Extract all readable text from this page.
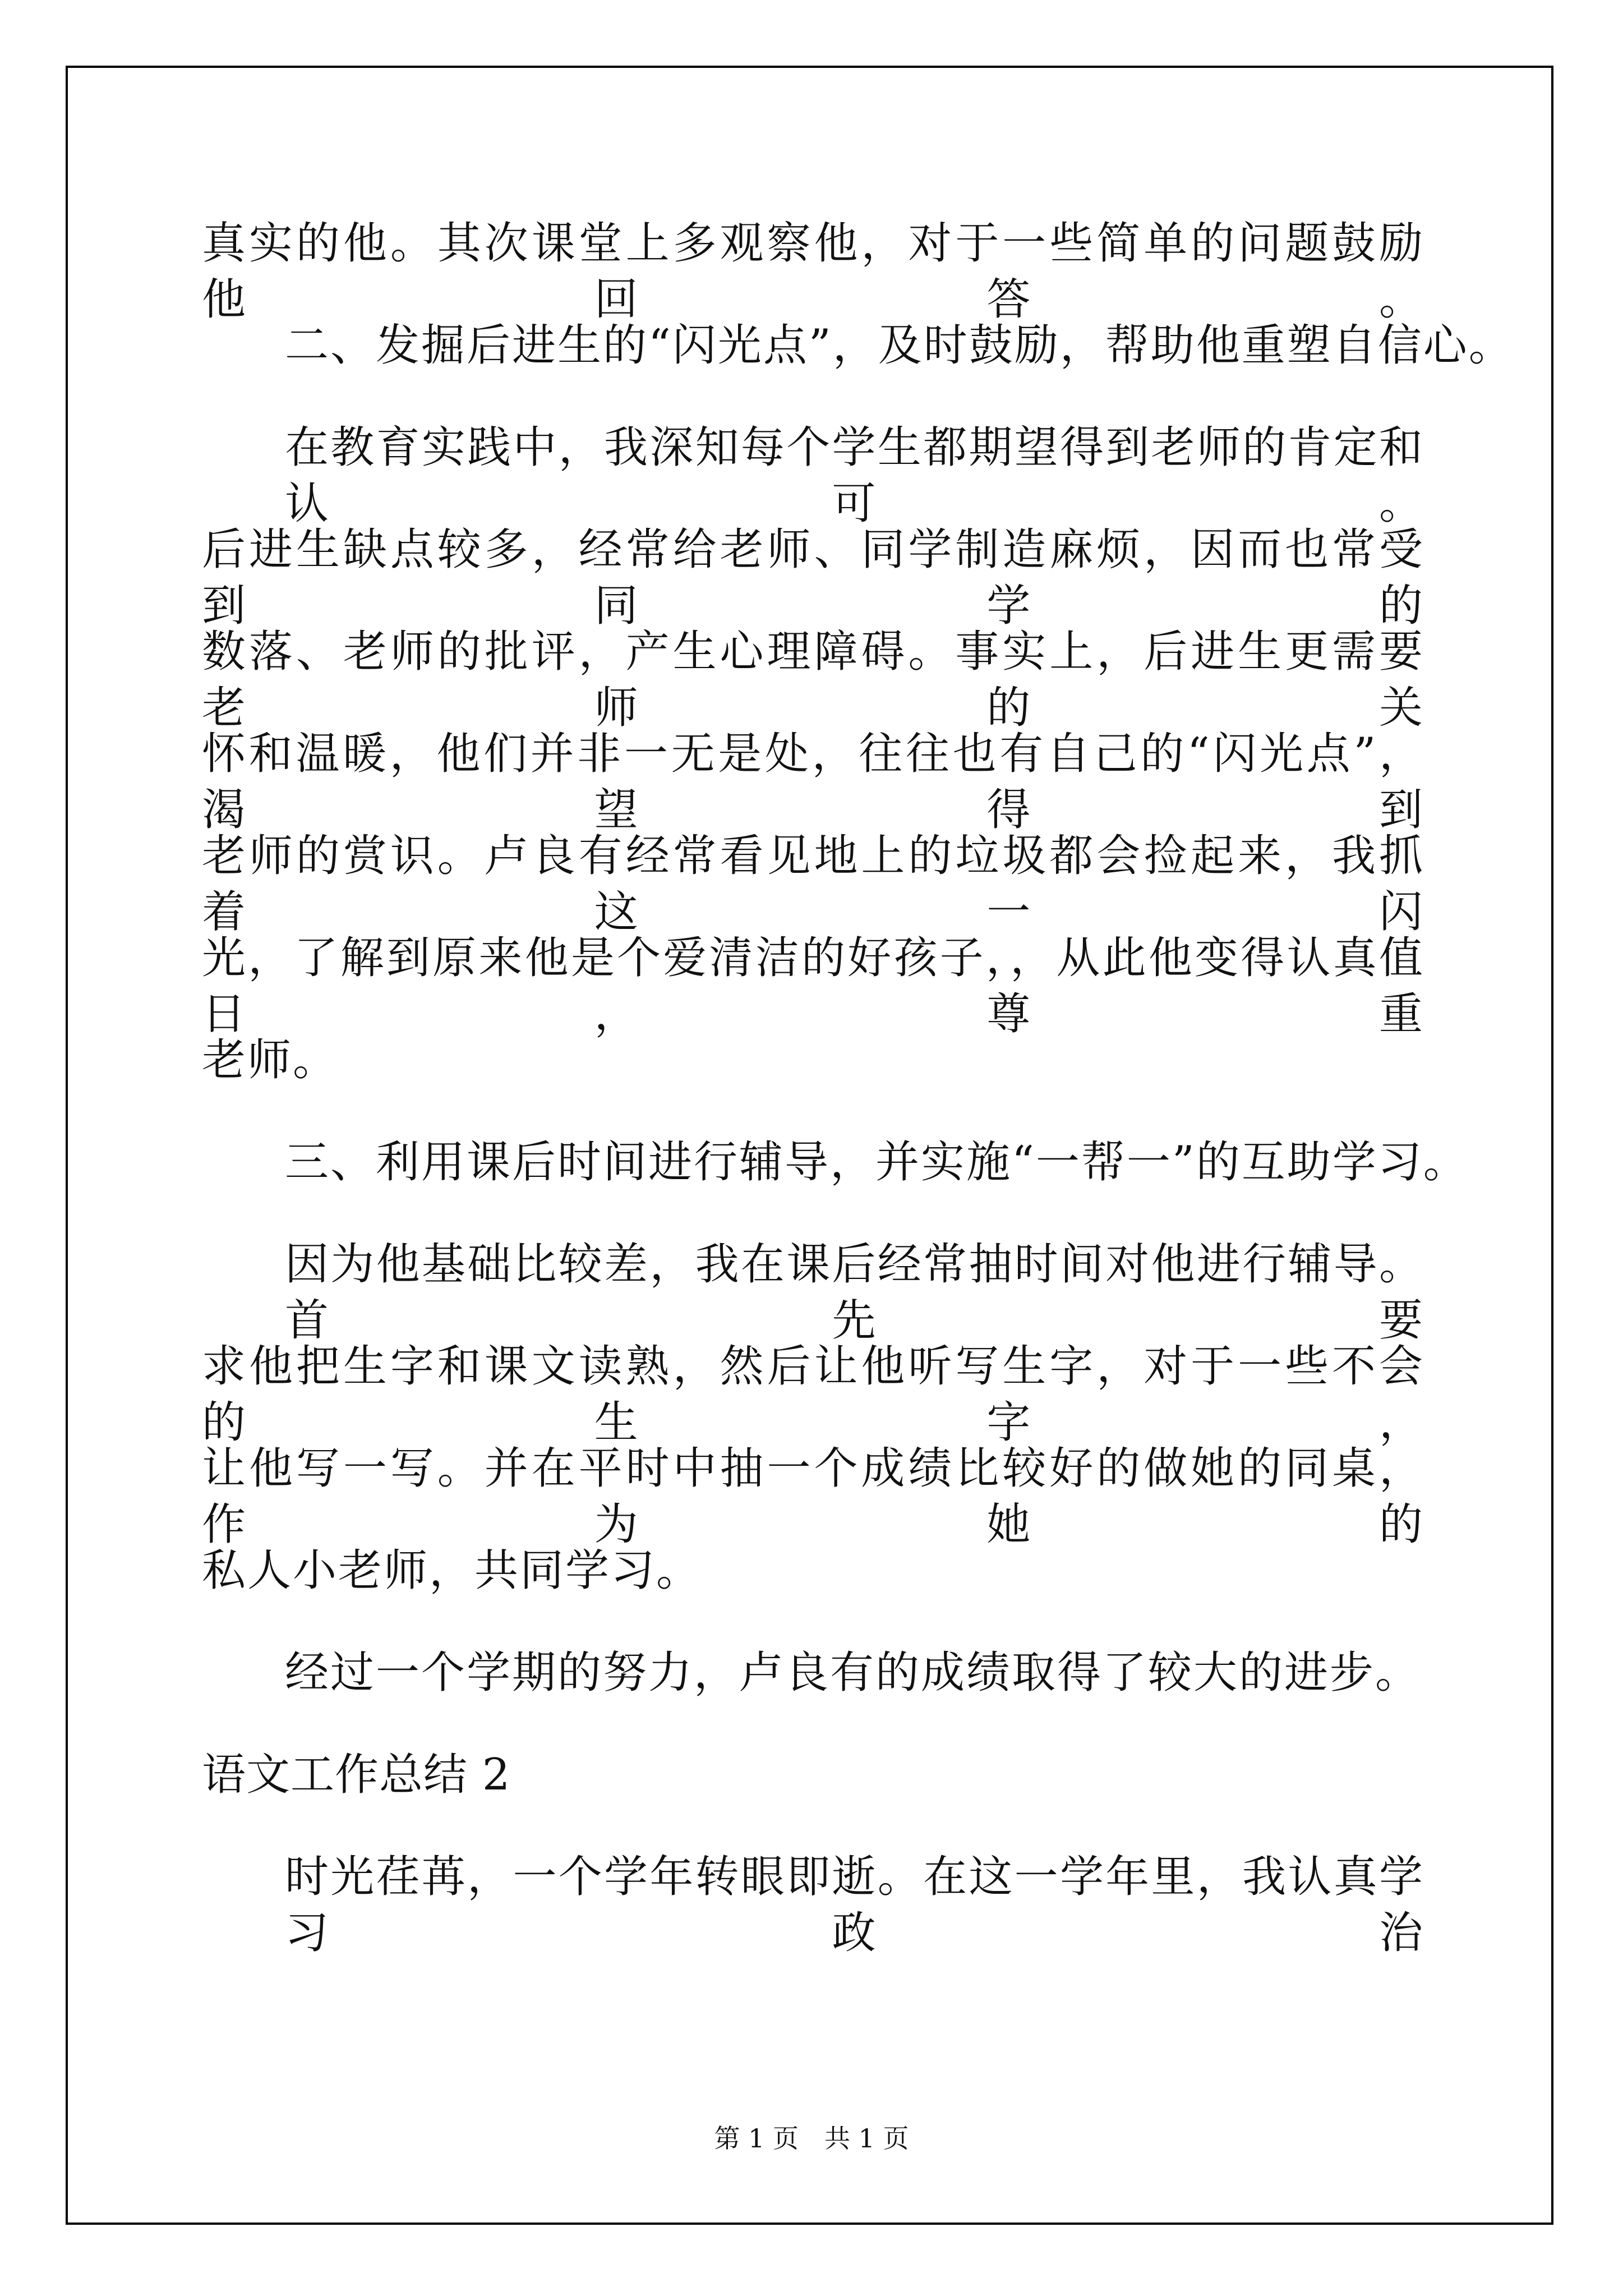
真实的他。其次课堂上多观察他，对于一些简单的问题鼓励他回答。
二、发掘后进生的“闪光点”，及时鼓励，帮助他重塑自信心。
在教育实践中，我深知每个学生都期望得到老师的肯定和认可。
后进生缺点较多，经常给老师、同学制造麻烦，因而也常受到同学的
数落、老师的批评，产生心理障碍。事实上，后进生更需要老师的关
怀和温暖，他们并非一无是处，往往也有自己的“闪光点”，渴望得到
老师的赏识。卢良有经常看见地上的垃圾都会捡起来，我抓着这一闪
光，了解到原来他是个爱清洁的好孩子，，从此他变得认真值日，尊重
老师。
三、利用课后时间进行辅导，并实施“一帮一”的互助学习。
因为他基础比较差，我在课后经常抽时间对他进行辅导。首先要
求他把生字和课文读熟，然后让他听写生字，对于一些不会的生字，
让他写一写。并在平时中抽一个成绩比较好的做她的同桌，作为她的
私人小老师，共同学习。
经过一个学期的努力，卢良有的成绩取得了较大的进步。
语文工作总结 2
时光荏苒，一个学年转眼即逝。在这一学年里，我认真学习政治
第 1 页 共 1 页
